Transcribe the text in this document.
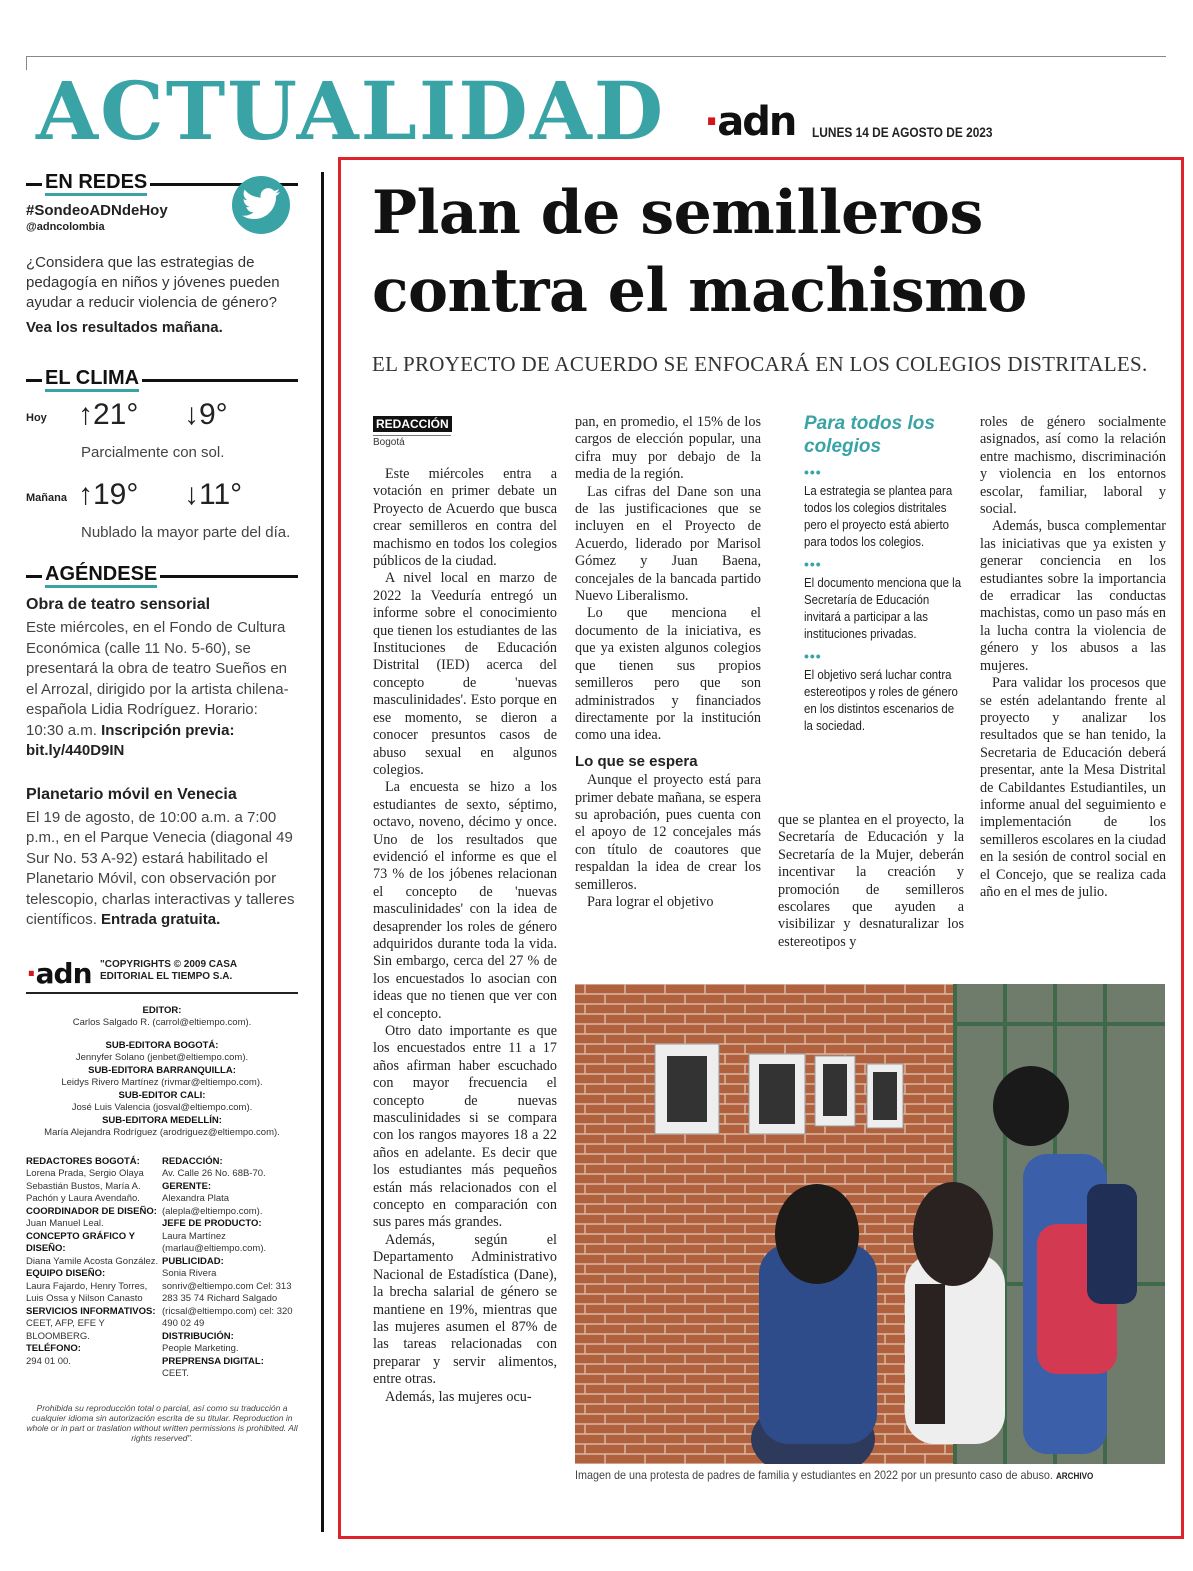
ACTUALIDAD ·adn LUNES 14 DE AGOSTO DE 2023
EN REDES
#SondeoADNdeHoy
@adncolombia
¿Considera que las estrategias de pedagogía en niños y jóvenes pueden ayudar a reducir violencia de género?
Vea los resultados mañana.
EL CLIMA
Hoy ↑21° ↓9°
Parcialmente con sol.
Mañana ↑19° ↓11°
Nublado la mayor parte del día.
AGÉNDESE
Obra de teatro sensorial
Este miércoles, en el Fondo de Cultura Económica (calle 11 No. 5-60), se presentará la obra de teatro Sueños en el Arrozal, dirigido por la artista chilena-española Lidia Rodríguez. Horario: 10:30 a.m. Inscripción previa: bit.ly/440D9IN
Planetario móvil en Venecia
El 19 de agosto, de 10:00 a.m. a 7:00 p.m., en el Parque Venecia (diagonal 49 Sur No. 53 A-92) estará habilitado el Planetario Móvil, con observación por telescopio, charlas interactivas y talleres científicos. Entrada gratuita.
·adn "COPYRIGHTS © 2009 CASA
EDITORIAL EL TIEMPO S.A.
EDITOR:
Carlos Salgado R. (carrol@eltiempo.com).
SUB-EDITORA BOGOTÁ:
Jennyfer Solano (jenbet@eltiempo.com).
SUB-EDITORA BARRANQUILLA:
Leidys Rivero Martínez (rivmar@eltiempo.com).
SUB-EDITOR CALI:
José Luis Valencia (josval@eltiempo.com).
SUB-EDITORA MEDELLÍN:
María Alejandra Rodríguez (arodriguez@eltiempo.com).
REDACTORES BOGOTÁ:
Lorena Prada, Sergio Olaya Sebastián Bustos, María A. Pachón y Laura Avendaño.
COORDINADOR DE DISEÑO:
Juan Manuel Leal.
CONCEPTO GRÁFICO Y DISEÑO:
Diana Yamile Acosta González.
EQUIPO DISEÑO:
Laura Fajardo, Henry Torres, Luis Ossa y Nilson Canasto
SERVICIOS INFORMATIVOS:
CEET, AFP, EFE Y BLOOMBERG.
TELÉFONO:
294 01 00.
REDACCIÓN:
Av. Calle 26 No. 68B-70.
GERENTE:
Alexandra Plata (alepla@eltiempo.com).
JEFE DE PRODUCTO:
Laura Martínez (marlau@eltiempo.com).
PUBLICIDAD:
Sonia Rivera sonriv@eltiempo.com Cel: 313 283 35 74 Richard Salgado (ricsal@eltiempo.com) cel: 320 490 02 49
DISTRIBUCIÓN:
People Marketing.
PREPRENSA DIGITAL:
CEET.
Prohibida su reproducción total o parcial, así como su traducción a cualquier idioma sin autorización escrita de su titular. Reproduction in whole or in part or traslation without written permissions is prohibited. All rights reserved".
Plan de semilleros contra el machismo
EL PROYECTO DE ACUERDO SE ENFOCARÁ EN LOS COLEGIOS DISTRITALES.
REDACCIÓN
Bogotá

Este miércoles entra a votación en primer debate un Proyecto de Acuerdo que busca crear semilleros en contra del machismo en todos los colegios públicos de la ciudad.

A nivel local en marzo de 2022 la Veeduría entregó un informe sobre el conocimiento que tienen los estudiantes de las Instituciones de Educación Distrital (IED) acerca del concepto de 'nuevas masculinidades'. Esto porque en ese momento, se dieron a conocer presuntos casos de abuso sexual en algunos colegios.

La encuesta se hizo a los estudiantes de sexto, séptimo, octavo, noveno, décimo y once. Uno de los resultados que evidenció el informe es que el 73 % de los jóbenes relacionan el concepto de 'nuevas masculinidades' con la idea de desaprender los roles de género adquiridos durante toda la vida. Sin embargo, cerca del 27 % de los encuestados lo asocian con ideas que no tienen que ver con el concepto.

Otro dato importante es que los encuestados entre 11 a 17 años afirman haber escuchado con mayor frecuencia el concepto de nuevas masculinidades si se compara con los rangos mayores 18 a 22 años en adelante. Es decir que los estudiantes más pequeños están más relacionados con el concepto en comparación con sus pares más grandes.

Además, según el Departamento Administrativo Nacional de Estadística (Dane), la brecha salarial de género se mantiene en 19%, mientras que las mujeres asumen el 87% de las tareas relacionadas con preparar y servir alimentos, entre otras.

Además, las mujeres ocu-

pan, en promedio, el 15% de los cargos de elección popular, una cifra muy por debajo de la media de la región.

Las cifras del Dane son una de las justificaciones que se incluyen en el Proyecto de Acuerdo, liderado por Marisol Gómez y Juan Baena, concejales de la bancada partido Nuevo Liberalismo.

Lo que menciona el documento de la iniciativa, es que ya existen algunos colegios que tienen sus propios semilleros pero que son administrados y financiados directamente por la institución como una idea.

Lo que se espera

Aunque el proyecto está para primer debate mañana, se espera su aprobación, pues cuenta con el apoyo de 12 concejales más con título de coautores que respaldan la idea de crear los semilleros.

Para lograr el objetivo

Para todos los colegios
•••
La estrategia se plantea para todos los colegios distritales pero el proyecto está abierto para todos los colegios.
•••
El documento menciona que la Secretaría de Educación invitará a participar a las instituciones privadas.
•••
El objetivo será luchar contra estereotipos y roles de género en los distintos escenarios de la sociedad.

que se plantea en el proyecto, la Secretaría de Educación y la Secretaría de la Mujer, deberán incentivar la creación y promoción de semilleros escolares que ayuden a visibilizar y desnaturalizar los estereotipos y

roles de género socialmente asignados, así como la relación entre machismo, discriminación y violencia en los entornos escolar, familiar, laboral y social.

Además, busca complementar las iniciativas que ya existen y generar conciencia en los estudiantes sobre la importancia de erradicar las conductas machistas, como un paso más en la lucha contra la violencia de género y los abusos a las mujeres.

Para validar los procesos que se estén adelantando frente al proyecto y analizar los resultados que se han tenido, la Secretaria de Educación deberá presentar, ante la Mesa Distrital de Cabildantes Estudiantiles, un informe anual del seguimiento e implementación de los semilleros escolares en la ciudad en la sesión de control social en el Concejo, que se realiza cada año en el mes de julio.

Imagen de una protesta de padres de familia y estudiantes en 2022 por un presunto caso de abuso. ARCHIVO
